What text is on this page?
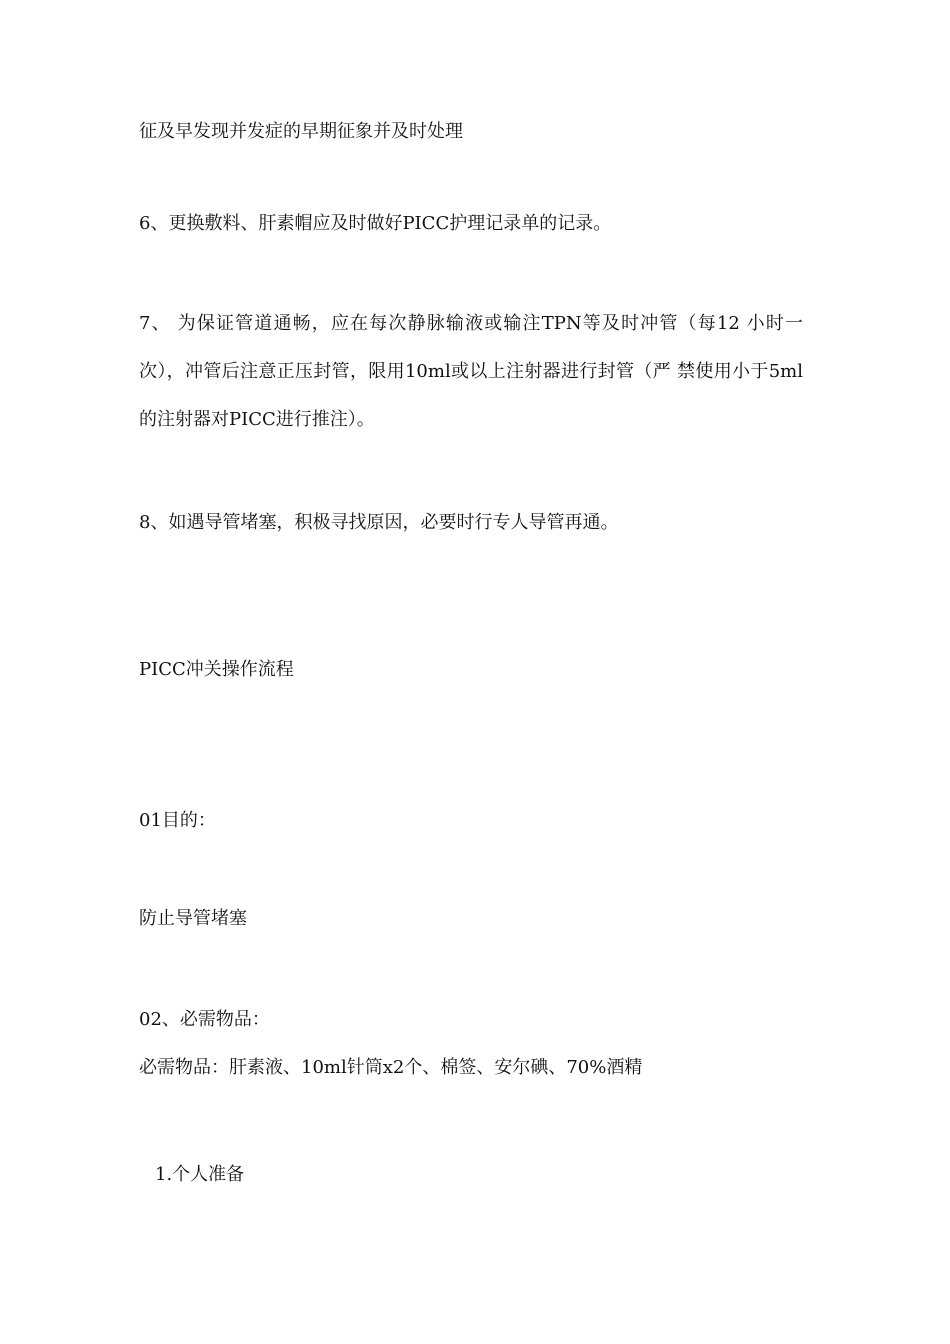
征及早发现并发症的早期征象并及时处理
6、更换敷料、肝素帽应及时做好PICC护理记录单的记录。
7、 为保证管道通畅，应在每次静脉输液或输注TPN等及时冲管（每12 小时一次），冲管后注意正压封管，限用10ml或以上注射器进行封管（严 禁使用小于5ml的注射器对PICC进行推注）。
8、如遇导管堵塞，积极寻找原因，必要时行专人导管再通。
PICC冲关操作流程
01目的：
防止导管堵塞
02、必需物品：
必需物品：肝素液、10ml针筒x2个、棉签、安尔碘、70%酒精
1.个人准备
